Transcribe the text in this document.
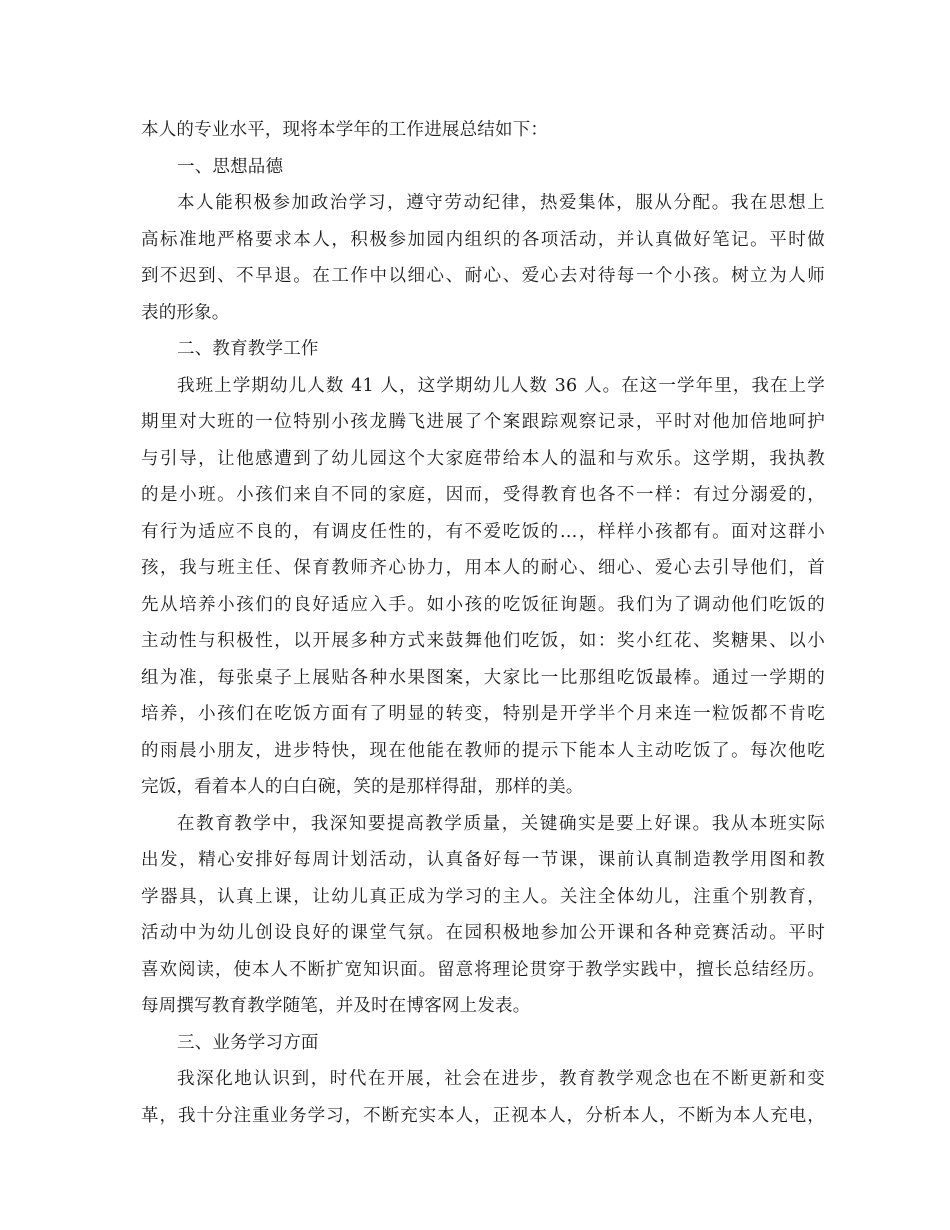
本人的专业水平，现将本学年的工作进展总结如下：
一、思想品德
本人能积极参加政治学习，遵守劳动纪律，热爱集体，服从分配。我在思想上
高标准地严格要求本人，积极参加园内组织的各项活动，并认真做好笔记。平时做
到不迟到、不早退。在工作中以细心、耐心、爱心去对待每一个小孩。树立为人师
表的形象。
二、教育教学工作
我班上学期幼儿人数 41 人，这学期幼儿人数 36 人。在这一学年里，我在上学
期里对大班的一位特别小孩龙腾飞进展了个案跟踪观察记录，平时对他加倍地呵护
与引导，让他感遭到了幼儿园这个大家庭带给本人的温和与欢乐。这学期，我执教
的是小班。小孩们来自不同的家庭，因而，受得教育也各不一样：有过分溺爱的，
有行为适应不良的，有调皮任性的，有不爱吃饭的…，样样小孩都有。面对这群小
孩，我与班主任、保育教师齐心协力，用本人的耐心、细心、爱心去引导他们，首
先从培养小孩们的良好适应入手。如小孩的吃饭征询题。我们为了调动他们吃饭的
主动性与积极性，以开展多种方式来鼓舞他们吃饭，如：奖小红花、奖糖果、以小
组为准，每张桌子上展贴各种水果图案，大家比一比那组吃饭最棒。通过一学期的
培养，小孩们在吃饭方面有了明显的转变，特别是开学半个月来连一粒饭都不肯吃
的雨晨小朋友，进步特快，现在他能在教师的提示下能本人主动吃饭了。每次他吃
完饭，看着本人的白白碗，笑的是那样得甜，那样的美。
在教育教学中，我深知要提高教学质量，关键确实是要上好课。我从本班实际
出发，精心安排好每周计划活动，认真备好每一节课，课前认真制造教学用图和教
学器具，认真上课，让幼儿真正成为学习的主人。关注全体幼儿，注重个别教育，
活动中为幼儿创设良好的课堂气氛。在园积极地参加公开课和各种竞赛活动。平时
喜欢阅读，使本人不断扩宽知识面。留意将理论贯穿于教学实践中，擅长总结经历。
每周撰写教育教学随笔，并及时在博客网上发表。
三、业务学习方面
我深化地认识到，时代在开展，社会在进步，教育教学观念也在不断更新和变
革，我十分注重业务学习，不断充实本人，正视本人，分析本人，不断为本人充电，
